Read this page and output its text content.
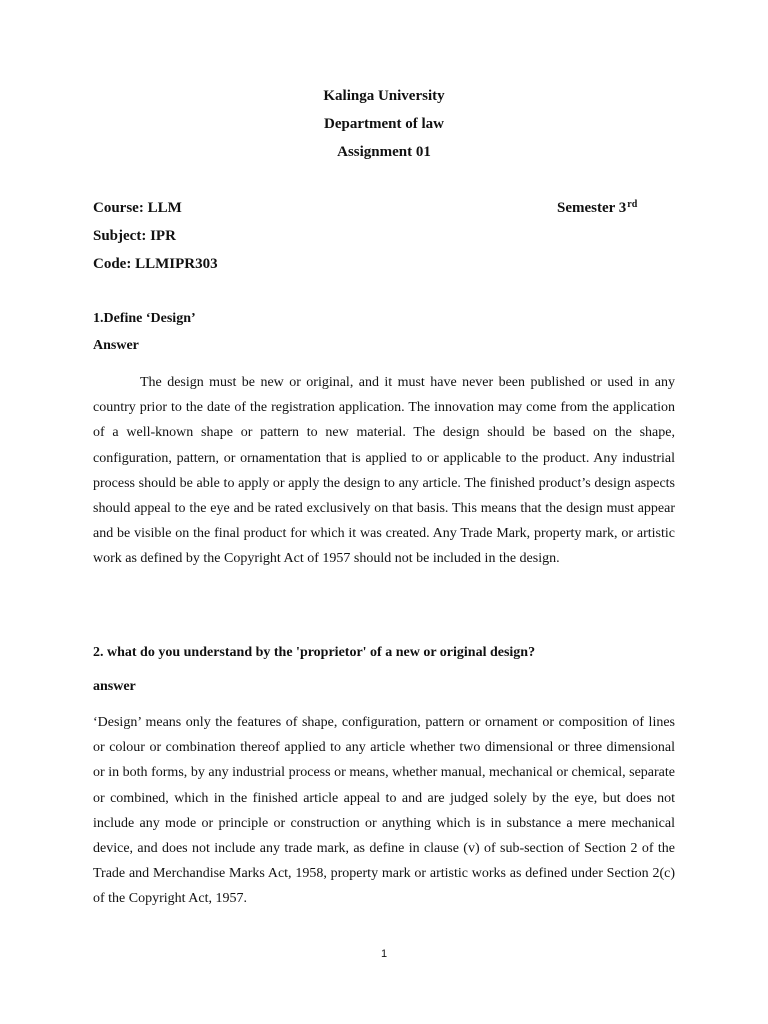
Kalinga University
Department of law
Assignment 01
Course: LLM	Semester 3rd
Subject: IPR
Code: LLMIPR303
1.Define ‘Design’
Answer
The design must be new or original, and it must have never been published or used in any country prior to the date of the registration application. The innovation may come from the application of a well-known shape or pattern to new material. The design should be based on the shape, configuration, pattern, or ornamentation that is applied to or applicable to the product. Any industrial process should be able to apply or apply the design to any article. The finished product’s design aspects should appeal to the eye and be rated exclusively on that basis. This means that the design must appear and be visible on the final product for which it was created. Any Trade Mark, property mark, or artistic work as defined by the Copyright Act of 1957 should not be included in the design.
2. what do you understand by the 'proprietor' of a new or original design?
answer
‘Design’ means only the features of shape, configuration, pattern or ornament or composition of lines or colour or combination thereof applied to any article whether two dimensional or three dimensional or in both forms, by any industrial process or means, whether manual, mechanical or chemical, separate or combined, which in the finished article appeal to and are judged solely by the eye, but does not include any mode or principle or construction or anything which is in substance a mere mechanical device, and does not include any trade mark, as define in clause (v) of sub-section of Section 2 of the Trade and Merchandise Marks Act, 1958, property mark or artistic works as defined under Section 2(c) of the Copyright Act, 1957.
1
